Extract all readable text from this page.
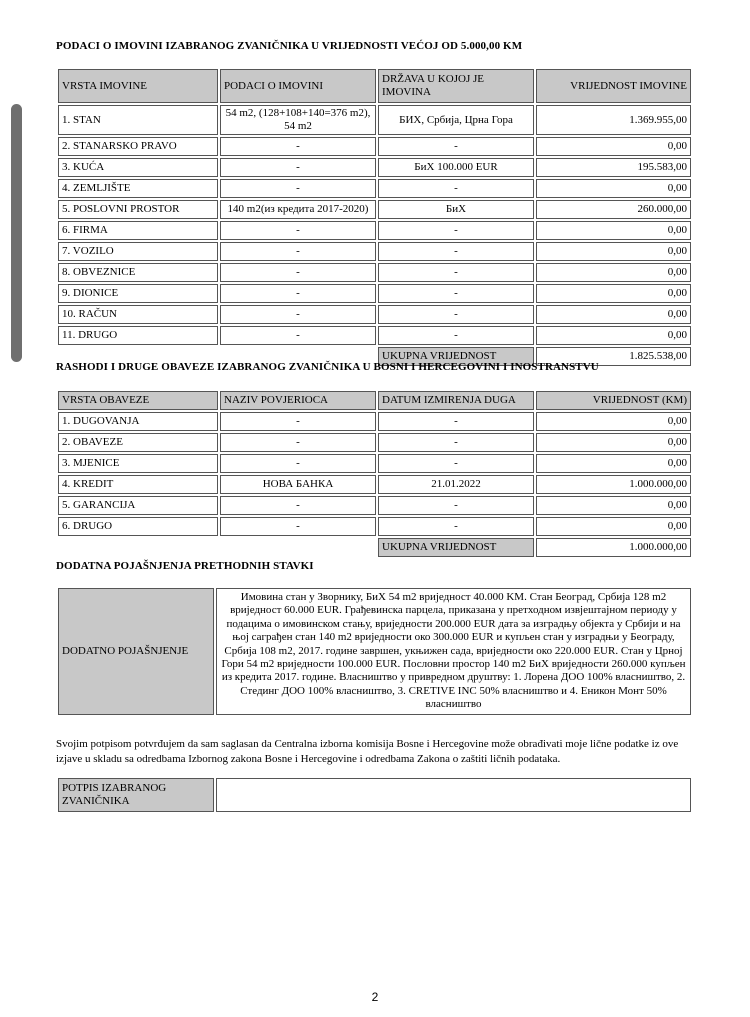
PODACI O IMOVINI IZABRANOG ZVANIČNIKA U VRIJEDNOSTI VEĆOJ OD 5.000,00 KM
VRSTA IMOVINE	PODACI O IMOVINI	DRŽAVA U KOJOJ JE IMOVINA	VRIJEDNOST IMOVINE
1. STAN	54 m2, (128+108+140=376 m2), 54 m2	БИХ, Србија, Црна Гора	1.369.955,00
2. STANARSKO PRAVO	-	-	0,00
3. KUĆA	-	БиХ 100.000 EUR	195.583,00
4. ZEMLJIŠTE	-	-	0,00
5. POSLOVNI PROSTOR	140 m2(из кредита 2017-2020)	БиХ	260.000,00
6. FIRMA	-	-	0,00
7. VOZILO	-	-	0,00
8. OBVEZNICE	-	-	0,00
9. DIONICE	-	-	0,00
10. RAČUN	-	-	0,00
11. DRUGO	-	-	0,00
		UKUPNA VRIJEDNOST	1.825.538,00
RASHODI I DRUGE OBAVEZE IZABRANOG ZVANIČNIKA U BOSNI I HERCEGOVINI I INOSTRANSTVU
VRSTA OBAVEZE	NAZIV POVJERIOCA	DATUM IZMIRENJA DUGA	VRIJEDNOST (KM)
1. DUGOVANJA	-	-	0,00
2. OBAVEZE	-	-	0,00
3. MJENICE	-	-	0,00
4. KREDIT	НОВА БАНКА	21.01.2022	1.000.000,00
5. GARANCIJA	-	-	0,00
6. DRUGO	-	-	0,00
		UKUPNA VRIJEDNOST	1.000.000,00
DODATNA POJAŠNJENJA PRETHODNIH STAVKI
DODATNO POJAŠNJENJE	Имовина стан у Зворнику, БиХ 54 m2 вриједност 40.000 KM. Стан Београд, Србија 128 m2 вриједност 60.000 EUR. Грађевинска парцела, приказана у претходном извјештајном периоду у подацима о имовинском стању, вриједности 200.000 EUR дата за изградњу објекта у Србији и на њој саграђен стан 140 m2 вриједности око 300.000 EUR и купљен стан у изградњи у Београду, Србија 108 m2, 2017. године завршен, укњижен сада, вриједности око 220.000 EUR. Стан у Црној Гори 54 m2 вриједности 100.000 EUR. Пословни простор 140 m2 БиХ вриједности 260.000 купљен из кредита 2017. године. Власништво у привредном друштву: 1. Лорена ДОО 100% власништво, 2. Стединг ДОО 100% власништво, 3. CRETIVE INC 50% власништво и 4. Еникон Монт 50% власништво
Svojim potpisom potvrđujem da sam saglasan da Centralna izborna komisija Bosne i Hercegovine može obrađivati moje lične podatke iz ove izjave u skladu sa odredbama Izbornog zakona Bosne i Hercegovine i odredbama Zakona o zaštiti ličnih podataka.
POTPIS IZABRANOG ZVANIČNIKA	
2
